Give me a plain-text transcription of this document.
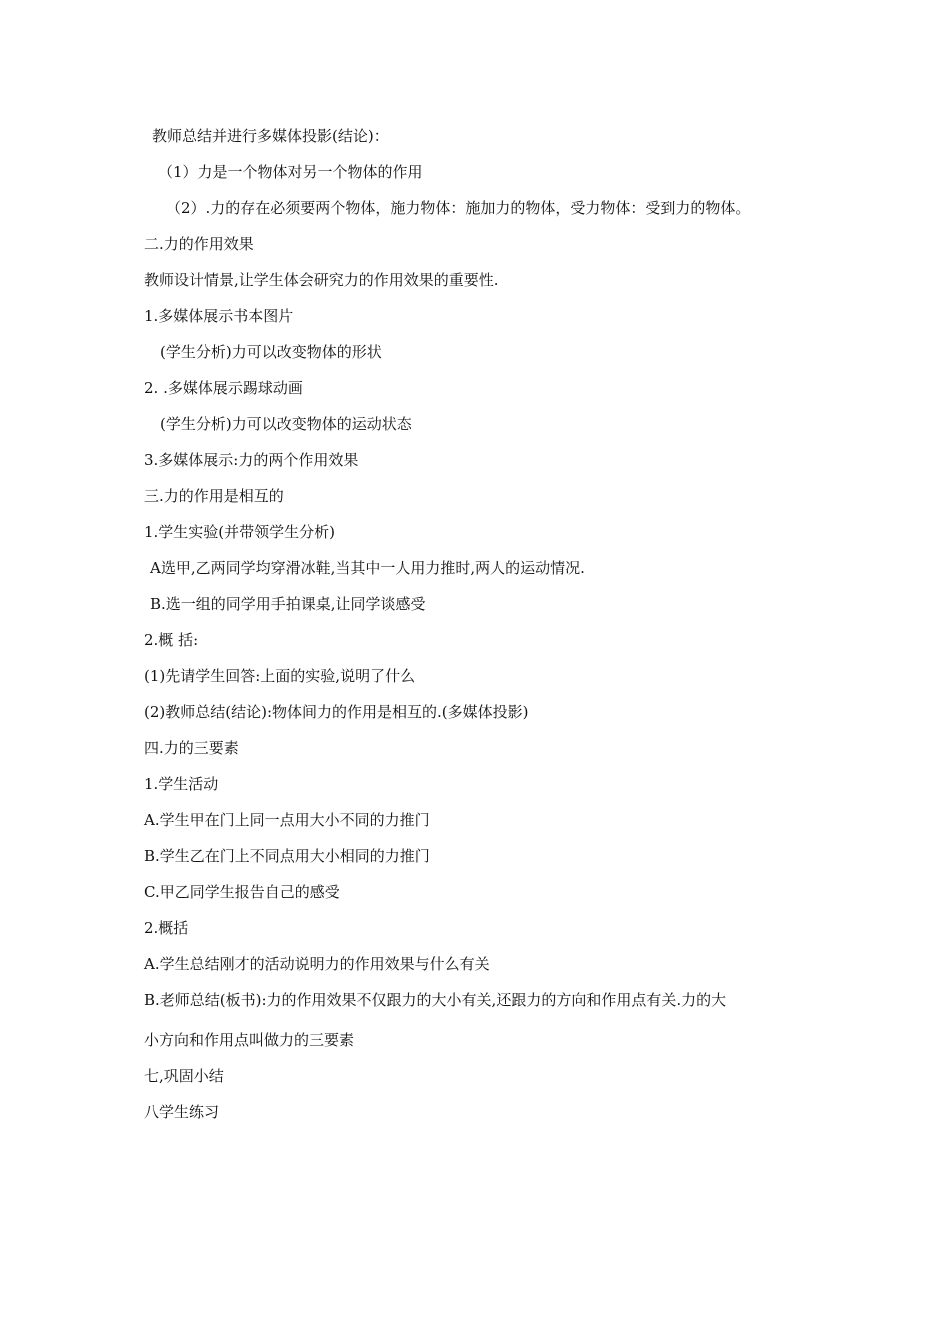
教师总结并进行多媒体投影(结论)：
（1）力是一个物体对另一个物体的作用
（2）.力的存在必须要两个物体，施力物体：施加力的物体，受力物体：受到力的物体。
二.力的作用效果
教师设计情景,让学生体会研究力的作用效果的重要性.
1.多媒体展示书本图片
(学生分析)力可以改变物体的形状
2. .多媒体展示踢球动画
(学生分析)力可以改变物体的运动状态
3.多媒体展示:力的两个作用效果
三.力的作用是相互的
1.学生实验(并带领学生分析)
A选甲,乙两同学均穿滑冰鞋,当其中一人用力推时,两人的运动情况.
B.选一组的同学用手拍课桌,让同学谈感受
2.概 括:
(1)先请学生回答:上面的实验,说明了什么
(2)教师总结(结论):物体间力的作用是相互的.(多媒体投影)
四.力的三要素
1.学生活动
A.学生甲在门上同一点用大小不同的力推门
B.学生乙在门上不同点用大小相同的力推门
C.甲乙同学生报告自己的感受
2.概括
A.学生总结刚才的活动说明力的作用效果与什么有关
B.老师总结(板书):力的作用效果不仅跟力的大小有关,还跟力的方向和作用点有关.力的大
小方向和作用点叫做力的三要素
七,巩固小结
八学生练习
